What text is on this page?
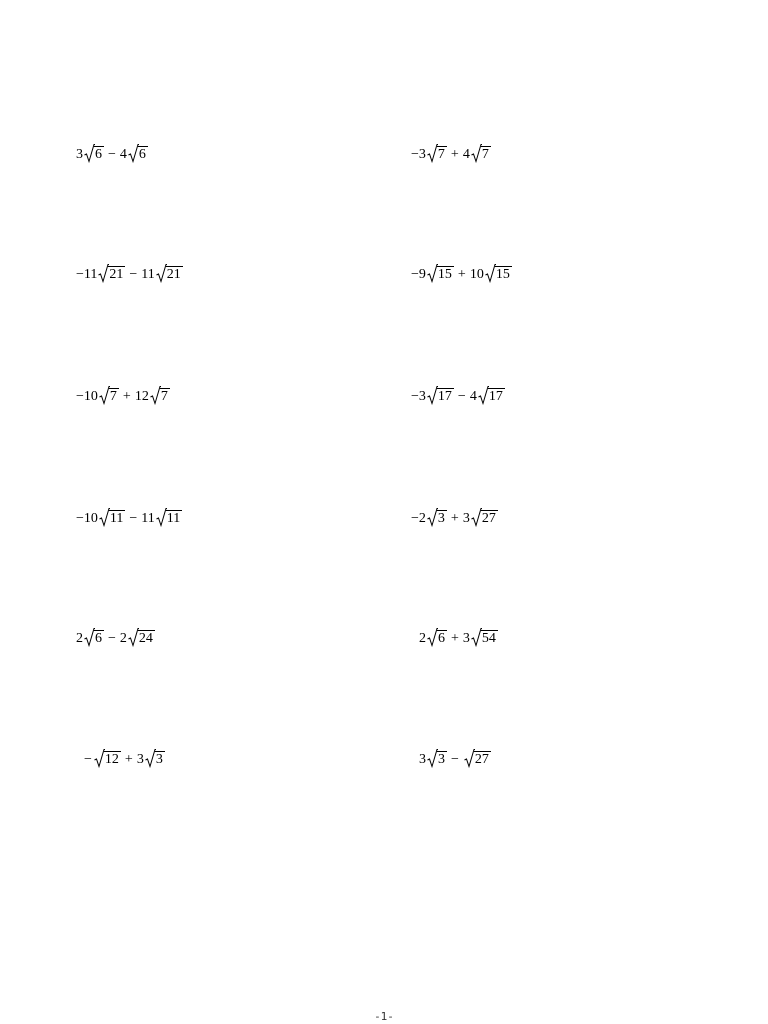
3 6 − 4 6	−3 7 + 4 7
−11 21 − 11 21	−9 15 + 10 15
−10 7 + 12 7	−3 17 − 4 17
−10 11 − 11 11	−2 3 + 3 27
2 6 − 2 24	2 6 + 3 54
− 12 + 3 3	3 3 − 27
-1-
